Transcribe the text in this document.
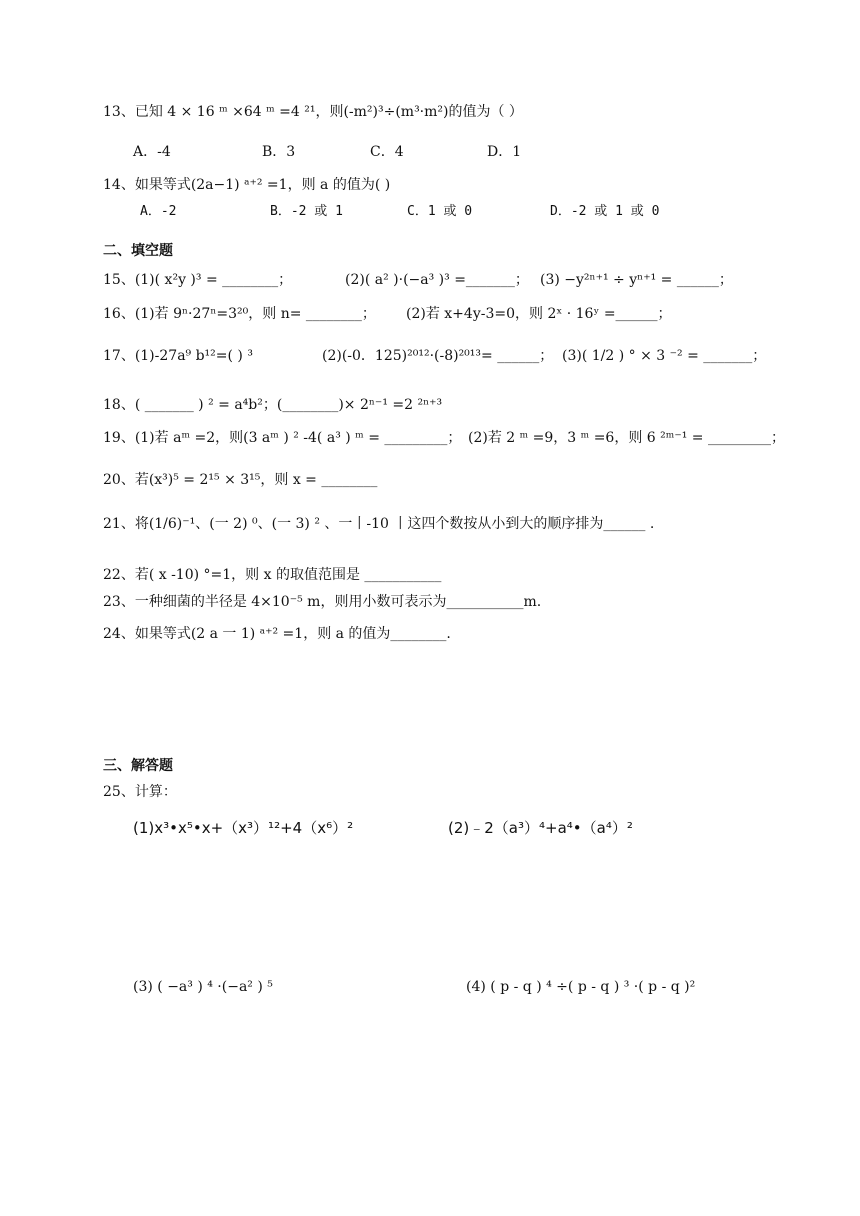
13、已知 4 × 16 ᵐ ×64 ᵐ =4 ²¹，则(-m²)³÷(m³·m²)的值为（ ）
A．-4	B．3	C．4	D．1
14、如果等式(2a−1) ᵃ⁺² =1，则 a 的值为( )
A．-2	B．-2 或 1	C．1 或 0	D．-2 或 1 或 0
二、填空题
15、(1)( x²y )³ = ________；	(2)( a² )·(−a³ )³ =_______； (3) −y²ⁿ⁺¹ ÷ yⁿ⁺¹ = ______；
16、(1)若 9ⁿ·27ⁿ=3²⁰，则 n= ________； (2)若 x+4y-3=0，则 2ˣ · 16ʸ =______；
17、(1)-27a⁹ b¹²=( ) ³	(2)(-0．125)²⁰¹²·(-8)²⁰¹³= ______； (3)( 1/2 ) ° × 3 ⁻² = _______；
18、( _______ ) ² = a⁴b²；(________)× 2ⁿ⁻¹ =2 ²ⁿ⁺³
19、(1)若 aᵐ =2，则(3 aᵐ ) ² -4( a³ ) ᵐ = _________； (2)若 2 ᵐ =9，3 ᵐ =6，则 6 ²ᵐ⁻¹ = _________；
20、若(x³)⁵ = 2¹⁵ × 3¹⁵，则 x = ________
21、将(1/6)⁻¹、(一 2) ⁰、(一 3) ² 、一丨-10 丨这四个数按从小到大的顺序排为______ .
22、若( x -10) °=1，则 x 的取值范围是 ___________
23、一种细菌的半径是 4×10⁻⁵ m，则用小数可表示为___________m.
24、如果等式(2 a 一 1) ᵃ⁺² =1，则 a 的值为________.
三、解答题
25、计算：
(1)x³•x⁵•x+（x³）¹²+4（x⁶）²	(2)﹣2（a³）⁴+a⁴•（a⁴）²
(3) ( −a³ ) ⁴ ·(−a² ) ⁵	(4) ( p - q ) ⁴ ÷( p - q ) ³ ·( p - q )²
